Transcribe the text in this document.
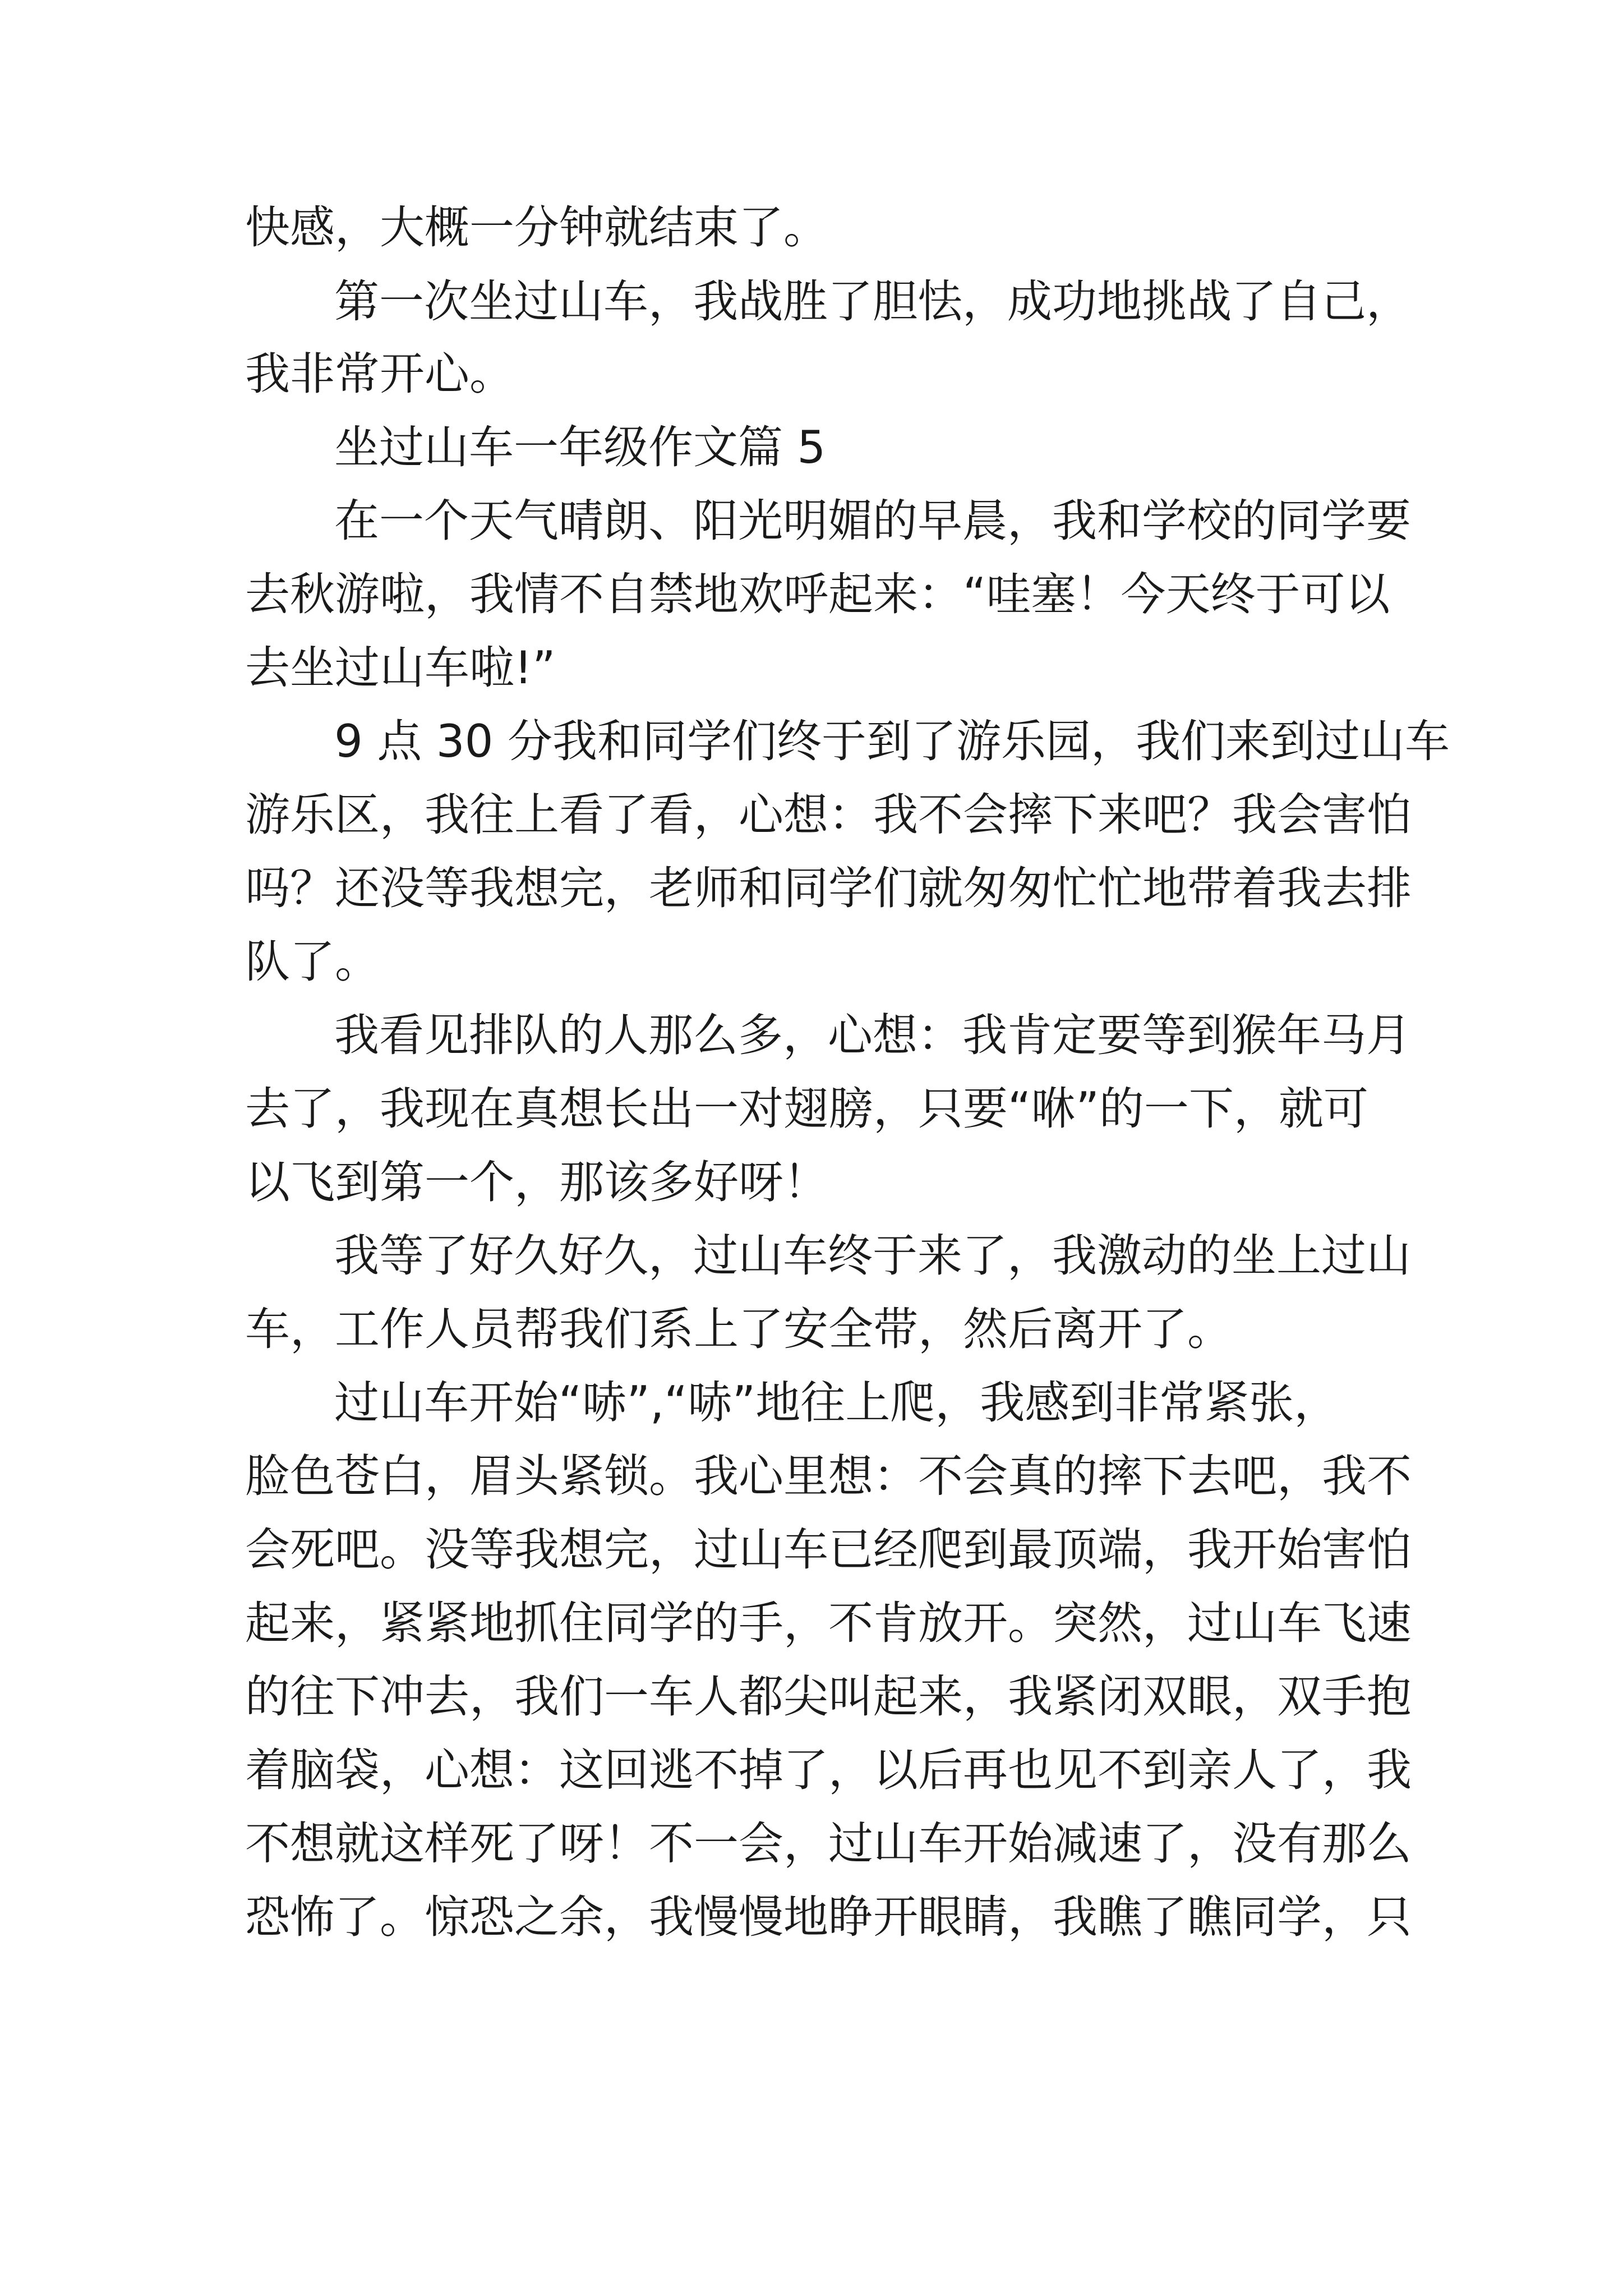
快感，大概一分钟就结束了。
第一次坐过山车，我战胜了胆怯，成功地挑战了自己，
我非常开心。
坐过山车一年级作文篇 5
在一个天气晴朗、阳光明媚的早晨，我和学校的同学要
去秋游啦，我情不自禁地欢呼起来：“哇塞！今天终于可以
去坐过山车啦!”
9 点 30 分我和同学们终于到了游乐园，我们来到过山车
游乐区，我往上看了看，心想：我不会摔下来吧？我会害怕
吗？还没等我想完，老师和同学们就匆匆忙忙地带着我去排
队了。
我看见排队的人那么多，心想：我肯定要等到猴年马月
去了，我现在真想长出一对翅膀，只要“咻”的一下，就可
以飞到第一个，那该多好呀！
我等了好久好久，过山车终于来了，我激动的坐上过山
车，工作人员帮我们系上了安全带，然后离开了。
过山车开始“哧”,“哧”地往上爬，我感到非常紧张，
脸色苍白，眉头紧锁。我心里想：不会真的摔下去吧，我不
会死吧。没等我想完，过山车已经爬到最顶端，我开始害怕
起来，紧紧地抓住同学的手，不肯放开。突然，过山车飞速
的往下冲去，我们一车人都尖叫起来，我紧闭双眼，双手抱
着脑袋，心想：这回逃不掉了，以后再也见不到亲人了，我
不想就这样死了呀！不一会，过山车开始减速了，没有那么
恐怖了。惊恐之余，我慢慢地睁开眼睛，我瞧了瞧同学，只
